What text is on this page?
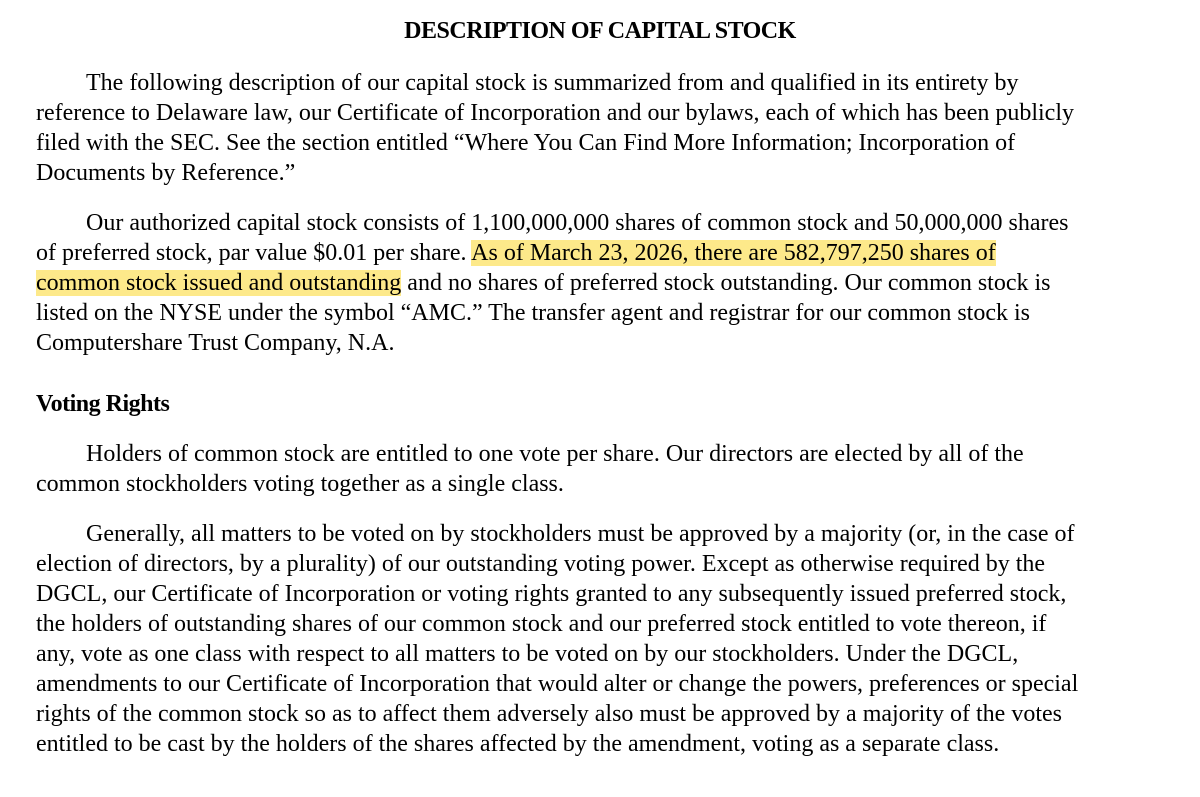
DESCRIPTION OF CAPITAL STOCK

The following description of our capital stock is summarized from and qualified in its entirety by
reference to Delaware law, our Certificate of Incorporation and our bylaws, each of which has been publicly
filed with the SEC. See the section entitled “Where You Can Find More Information; Incorporation of
Documents by Reference.”

Our authorized capital stock consists of 1,100,000,000 shares of common stock and 50,000,000 shares
of preferred stock, par value $0.01 per share. As of March 23, 2026, there are 582,797,250 shares of
common stock issued and outstanding and no shares of preferred stock outstanding. Our common stock is
listed on the NYSE under the symbol “AMC.” The transfer agent and registrar for our common stock is
Computershare Trust Company, N.A.

Voting Rights

Holders of common stock are entitled to one vote per share. Our directors are elected by all of the
common stockholders voting together as a single class.

Generally, all matters to be voted on by stockholders must be approved by a majority (or, in the case of
election of directors, by a plurality) of our outstanding voting power. Except as otherwise required by the
DGCL, our Certificate of Incorporation or voting rights granted to any subsequently issued preferred stock,
the holders of outstanding shares of our common stock and our preferred stock entitled to vote thereon, if
any, vote as one class with respect to all matters to be voted on by our stockholders. Under the DGCL,
amendments to our Certificate of Incorporation that would alter or change the powers, preferences or special
rights of the common stock so as to affect them adversely also must be approved by a majority of the votes
entitled to be cast by the holders of the shares affected by the amendment, voting as a separate class.
